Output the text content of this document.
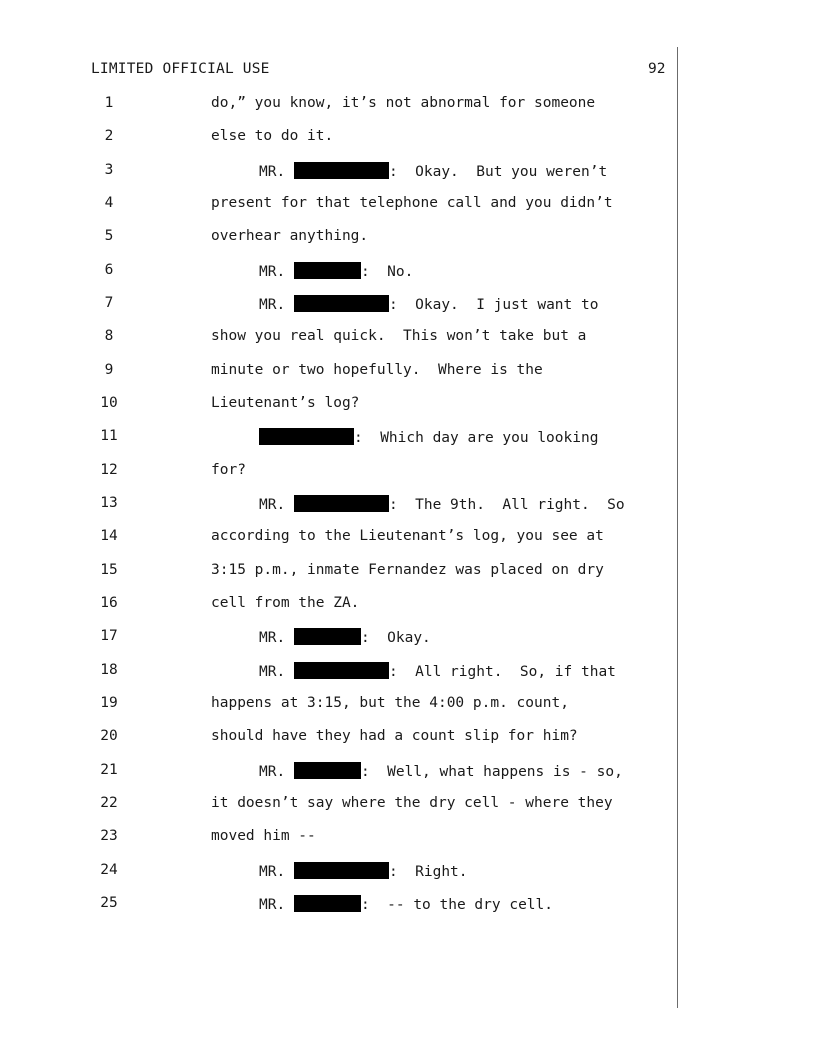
LIMITED OFFICIAL USE	92
1	do,” you know, it’s not abnormal for someone
2	else to do it.
3	MR.	:  Okay.  But you weren’t
4	present for that telephone call and you didn’t
5	overhear anything.
6	MR.	:  No.
7	MR.	:  Okay.  I just want to
8	show you real quick.  This won’t take but a
9	minute or two hopefully.  Where is the
10	Lieutenant’s log?
11	:  Which day are you looking
12	for?
13	MR.	:  The 9th.  All right.  So
14	according to the Lieutenant’s log, you see at
15	3:15 p.m., inmate Fernandez was placed on dry
16	cell from the ZA.
17	MR.	:  Okay.
18	MR.	:  All right.  So, if that
19	happens at 3:15, but the 4:00 p.m. count,
20	should have they had a count slip for him?
21	MR.	:  Well, what happens is - so,
22	it doesn’t say where the dry cell - where they
23	moved him --
24	MR.	:  Right.
25	MR.	:  -- to the dry cell.
